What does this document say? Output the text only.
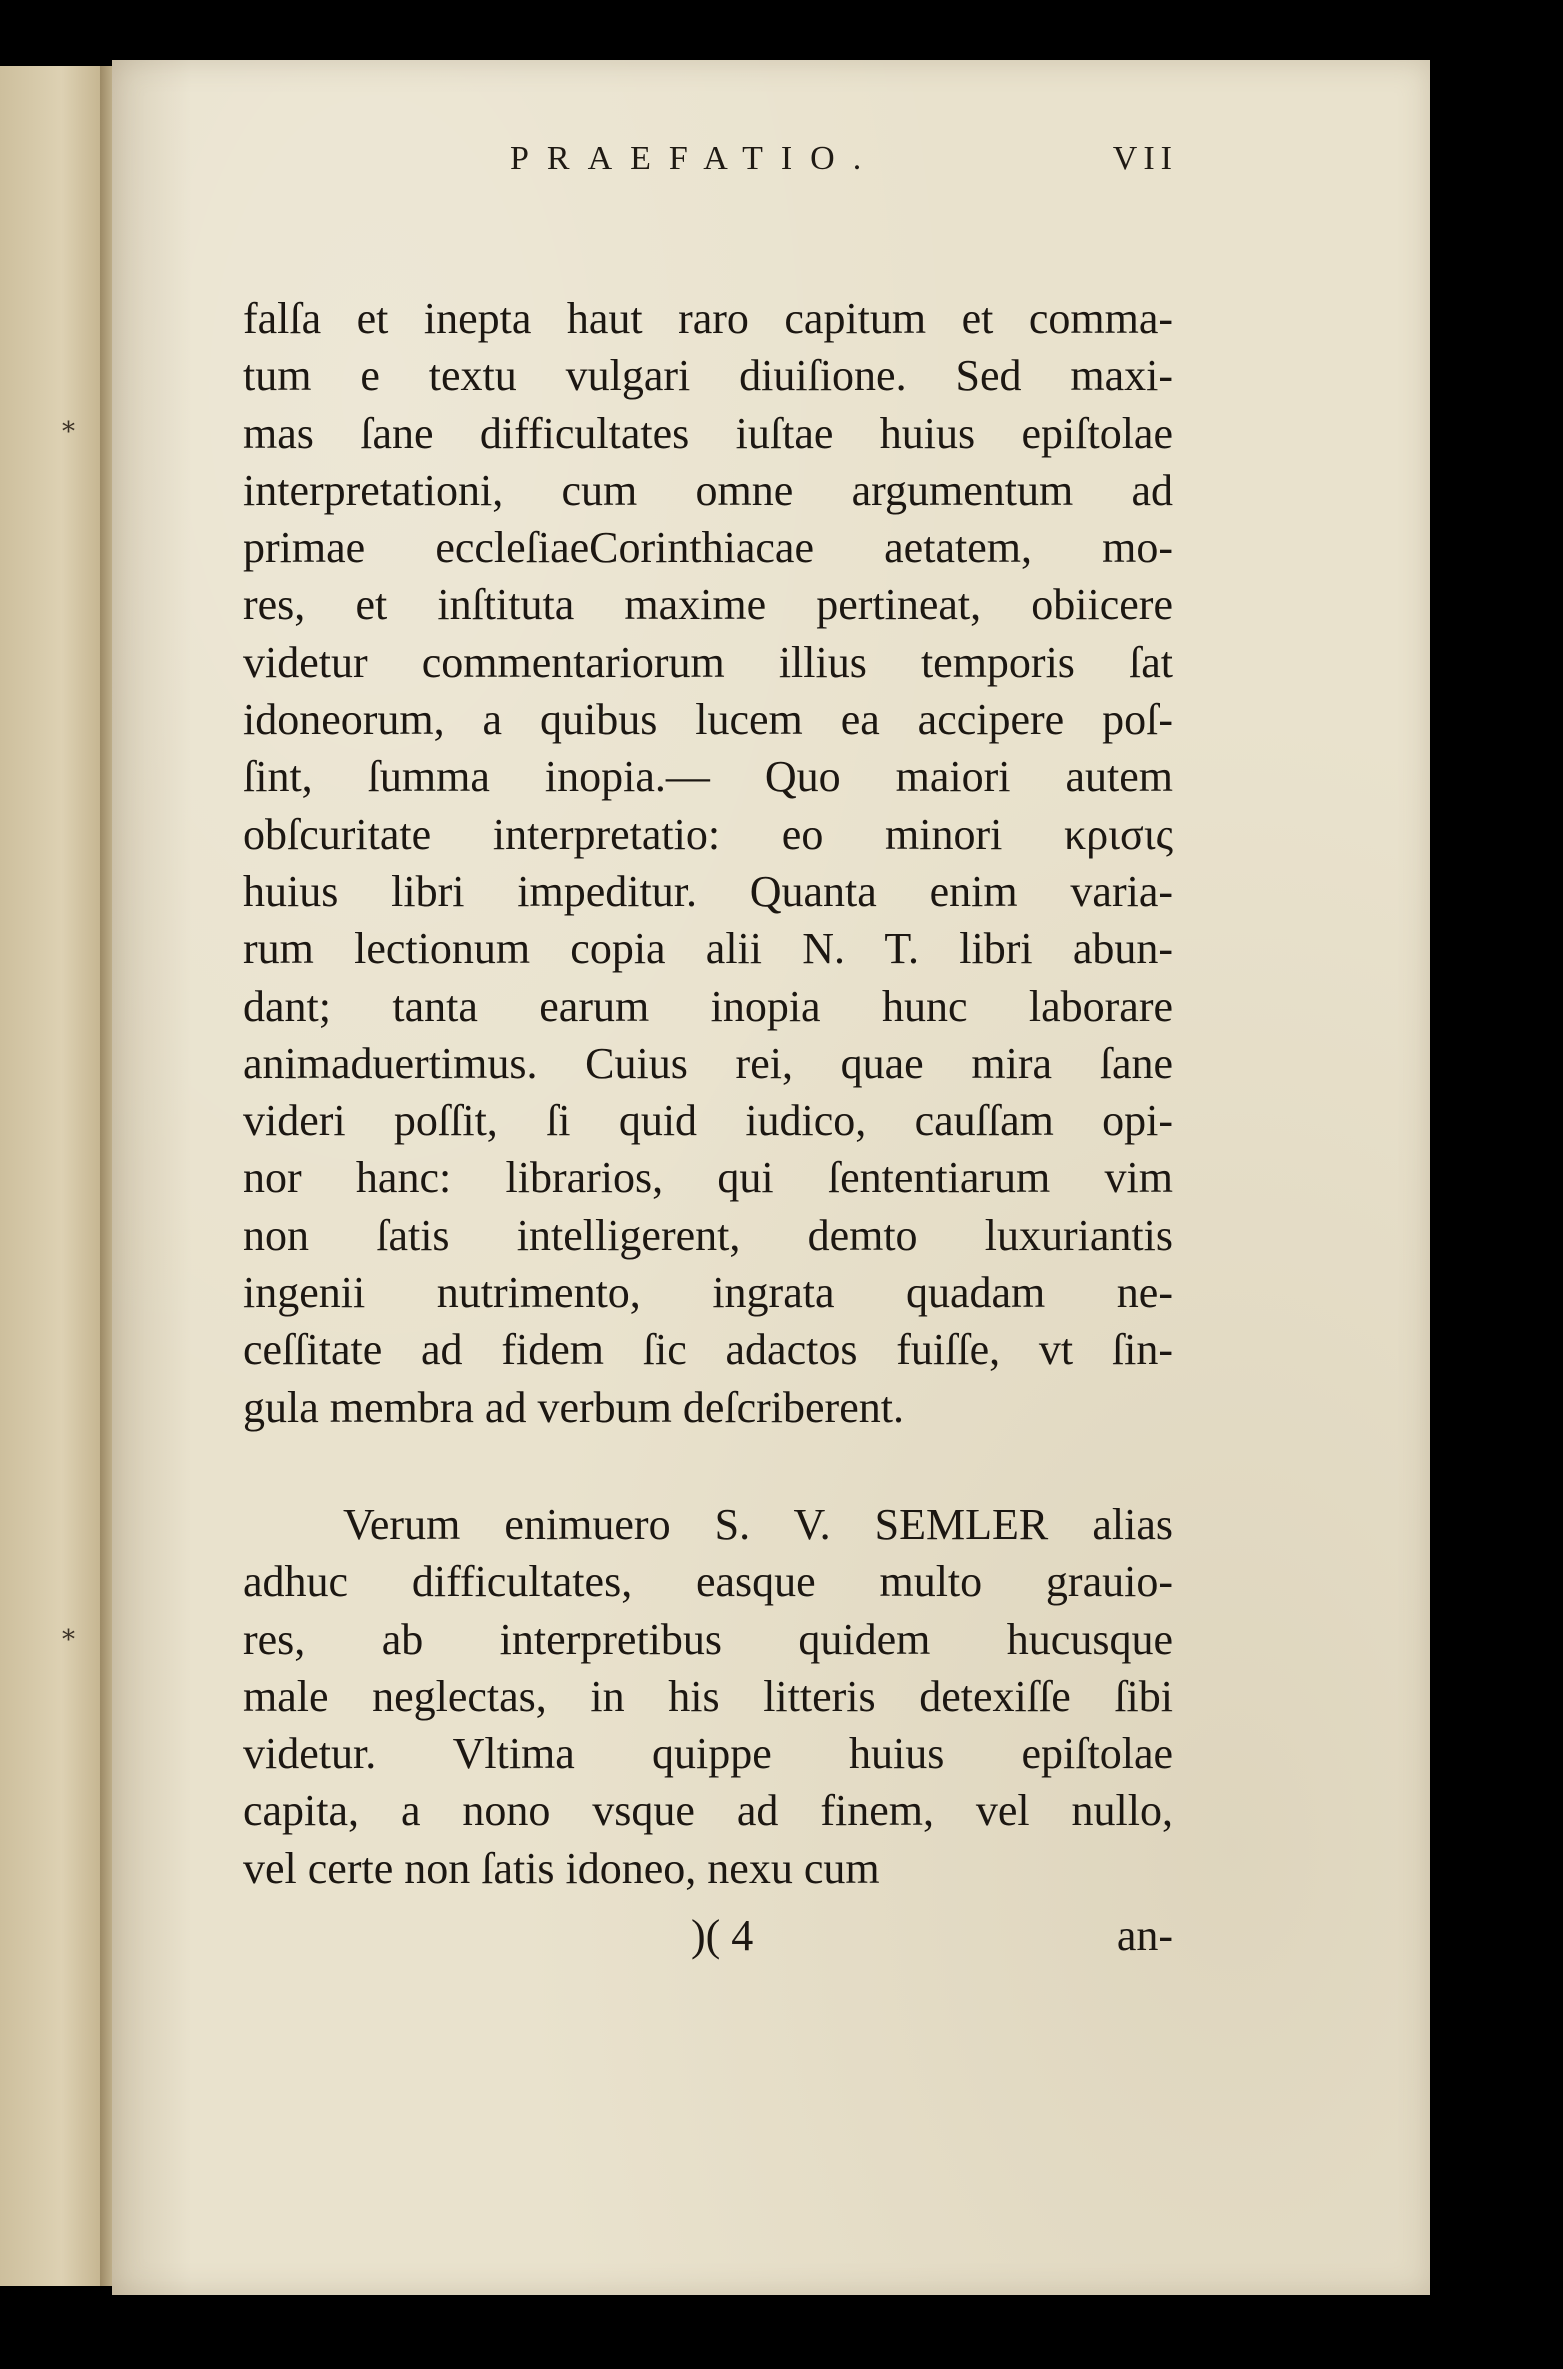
⁎
⁎
PRAEFATIO.	VII
falſa et inepta haut raro capitum et comma-
tum e textu vulgari diuiſione. Sed maxi-
mas ſane difficultates iuſtae huius epiſtolae
interpretationi, cum omne argumentum ad
primae eccleſiaeCorinthiacae aetatem, mo-
res, et inſtituta maxime pertineat, obiicere
videtur commentariorum illius temporis ſat
idoneorum, a quibus lucem ea accipere poſ-
ſint, ſumma inopia.— Quo maiori autem
obſcuritate interpretatio: eo minori κρισις
huius libri impeditur. Quanta enim varia-
rum lectionum copia alii N. T. libri abun-
dant; tanta earum inopia hunc laborare
animaduertimus. Cuius rei, quae mira ſane
videri poſſit, ſi quid iudico, cauſſam opi-
nor hanc: librarios, qui ſententiarum vim
non ſatis intelligerent, demto luxuriantis
ingenii nutrimento, ingrata quadam ne-
ceſſitate ad fidem ſic adactos fuiſſe, vt ſin-
gula membra ad verbum deſcriberent.
Verum enimuero S. V. SEMLER alias
adhuc difficultates, easque multo grauio-
res, ab interpretibus quidem hucusque
male neglectas, in his litteris detexiſſe ſibi
videtur. Vltima quippe huius epiſtolae
capita, a nono vsque ad finem, vel nullo,
vel certe non ſatis idoneo, nexu cum
)( 4	an-
